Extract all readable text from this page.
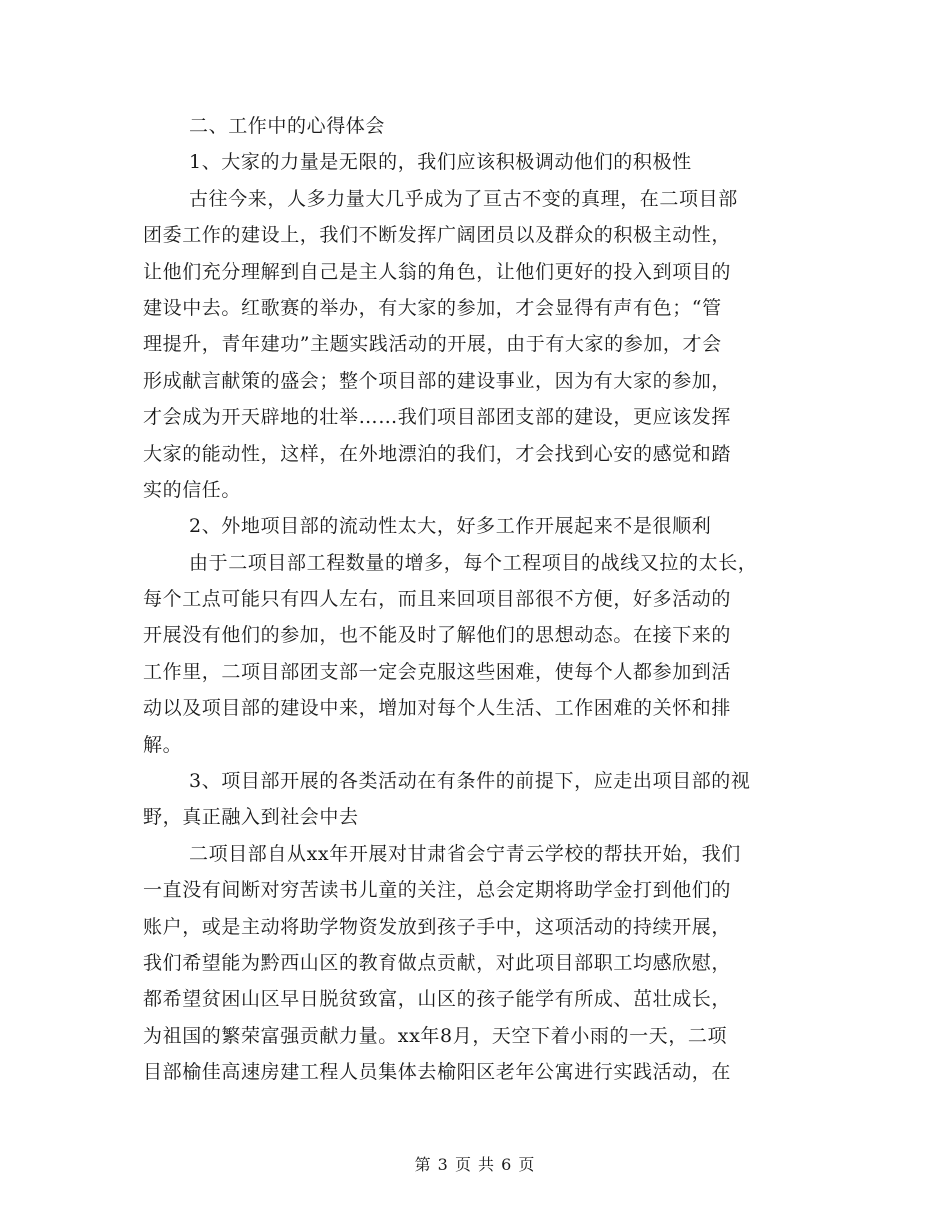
二、工作中的心得体会
1、大家的力量是无限的，我们应该积极调动他们的积极性
古往今来，人多力量大几乎成为了亘古不变的真理，在二项目部
团委工作的建设上，我们不断发挥广阔团员以及群众的积极主动性，
让他们充分理解到自己是主人翁的角色，让他们更好的投入到项目的
建设中去。红歌赛的举办，有大家的参加，才会显得有声有色；“管
理提升，青年建功”主题实践活动的开展，由于有大家的参加，才会
形成献言献策的盛会；整个项目部的建设事业，因为有大家的参加，
才会成为开天辟地的壮举……我们项目部团支部的建设，更应该发挥
大家的能动性，这样，在外地漂泊的我们，才会找到心安的感觉和踏
实的信任。
2、外地项目部的流动性太大，好多工作开展起来不是很顺利
由于二项目部工程数量的增多，每个工程项目的战线又拉的太长，
每个工点可能只有四人左右，而且来回项目部很不方便，好多活动的
开展没有他们的参加，也不能及时了解他们的思想动态。在接下来的
工作里，二项目部团支部一定会克服这些困难，使每个人都参加到活
动以及项目部的建设中来，增加对每个人生活、工作困难的关怀和排
解。
3、项目部开展的各类活动在有条件的前提下，应走出项目部的视
野，真正融入到社会中去
二项目部自从xx年开展对甘肃省会宁青云学校的帮扶开始，我们
一直没有间断对穷苦读书儿童的关注，总会定期将助学金打到他们的
账户，或是主动将助学物资发放到孩子手中，这项活动的持续开展，
我们希望能为黔西山区的教育做点贡献，对此项目部职工均感欣慰，
都希望贫困山区早日脱贫致富，山区的孩子能学有所成、茁壮成长，
为祖国的繁荣富强贡献力量。xx年8月，天空下着小雨的一天，二项
目部榆佳高速房建工程人员集体去榆阳区老年公寓进行实践活动，在
第 3 页 共 6 页
